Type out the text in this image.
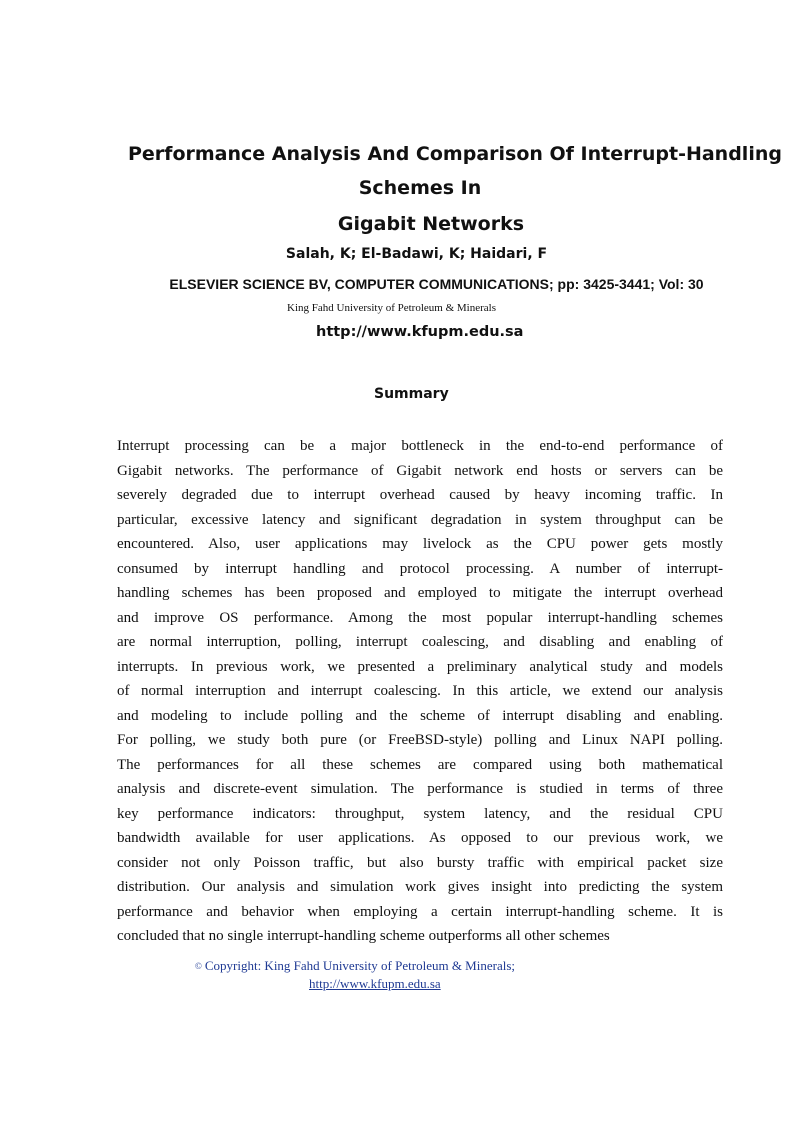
Performance Analysis And Comparison Of Interrupt-Handling
Schemes In
Gigabit Networks
Salah, K; El-Badawi, K; Haidari, F
ELSEVIER SCIENCE BV, COMPUTER COMMUNICATIONS; pp: 3425-3441; Vol: 30
King Fahd University of Petroleum & Minerals
http://www.kfupm.edu.sa
Summary

Interrupt processing can be a major bottleneck in the end-to-end performance of
Gigabit networks. The performance of Gigabit network end hosts or servers can be
severely degraded due to interrupt overhead caused by heavy incoming traffic. In
particular, excessive latency and significant degradation in system throughput can be
encountered. Also, user applications may livelock as the CPU power gets mostly
consumed by interrupt handling and protocol processing. A number of interrupt-
handling schemes has been proposed and employed to mitigate the interrupt overhead
and improve OS performance. Among the most popular interrupt-handling schemes
are normal interruption, polling, interrupt coalescing, and disabling and enabling of
interrupts. In previous work, we presented a preliminary analytical study and models
of normal interruption and interrupt coalescing. In this article, we extend our analysis
and modeling to include polling and the scheme of interrupt disabling and enabling.
For polling, we study both pure (or FreeBSD-style) polling and Linux NAPI polling.
The performances for all these schemes are compared using both mathematical
analysis and discrete-event simulation. The performance is studied in terms of three
key performance indicators: throughput, system latency, and the residual CPU
bandwidth available for user applications. As opposed to our previous work, we
consider not only Poisson traffic, but also bursty traffic with empirical packet size
distribution. Our analysis and simulation work gives insight into predicting the system
performance and behavior when employing a certain interrupt-handling scheme. It is
concluded that no single interrupt-handling scheme outperforms all other schemes

© Copyright: King Fahd University of Petroleum & Minerals;
http://www.kfupm.edu.sa
